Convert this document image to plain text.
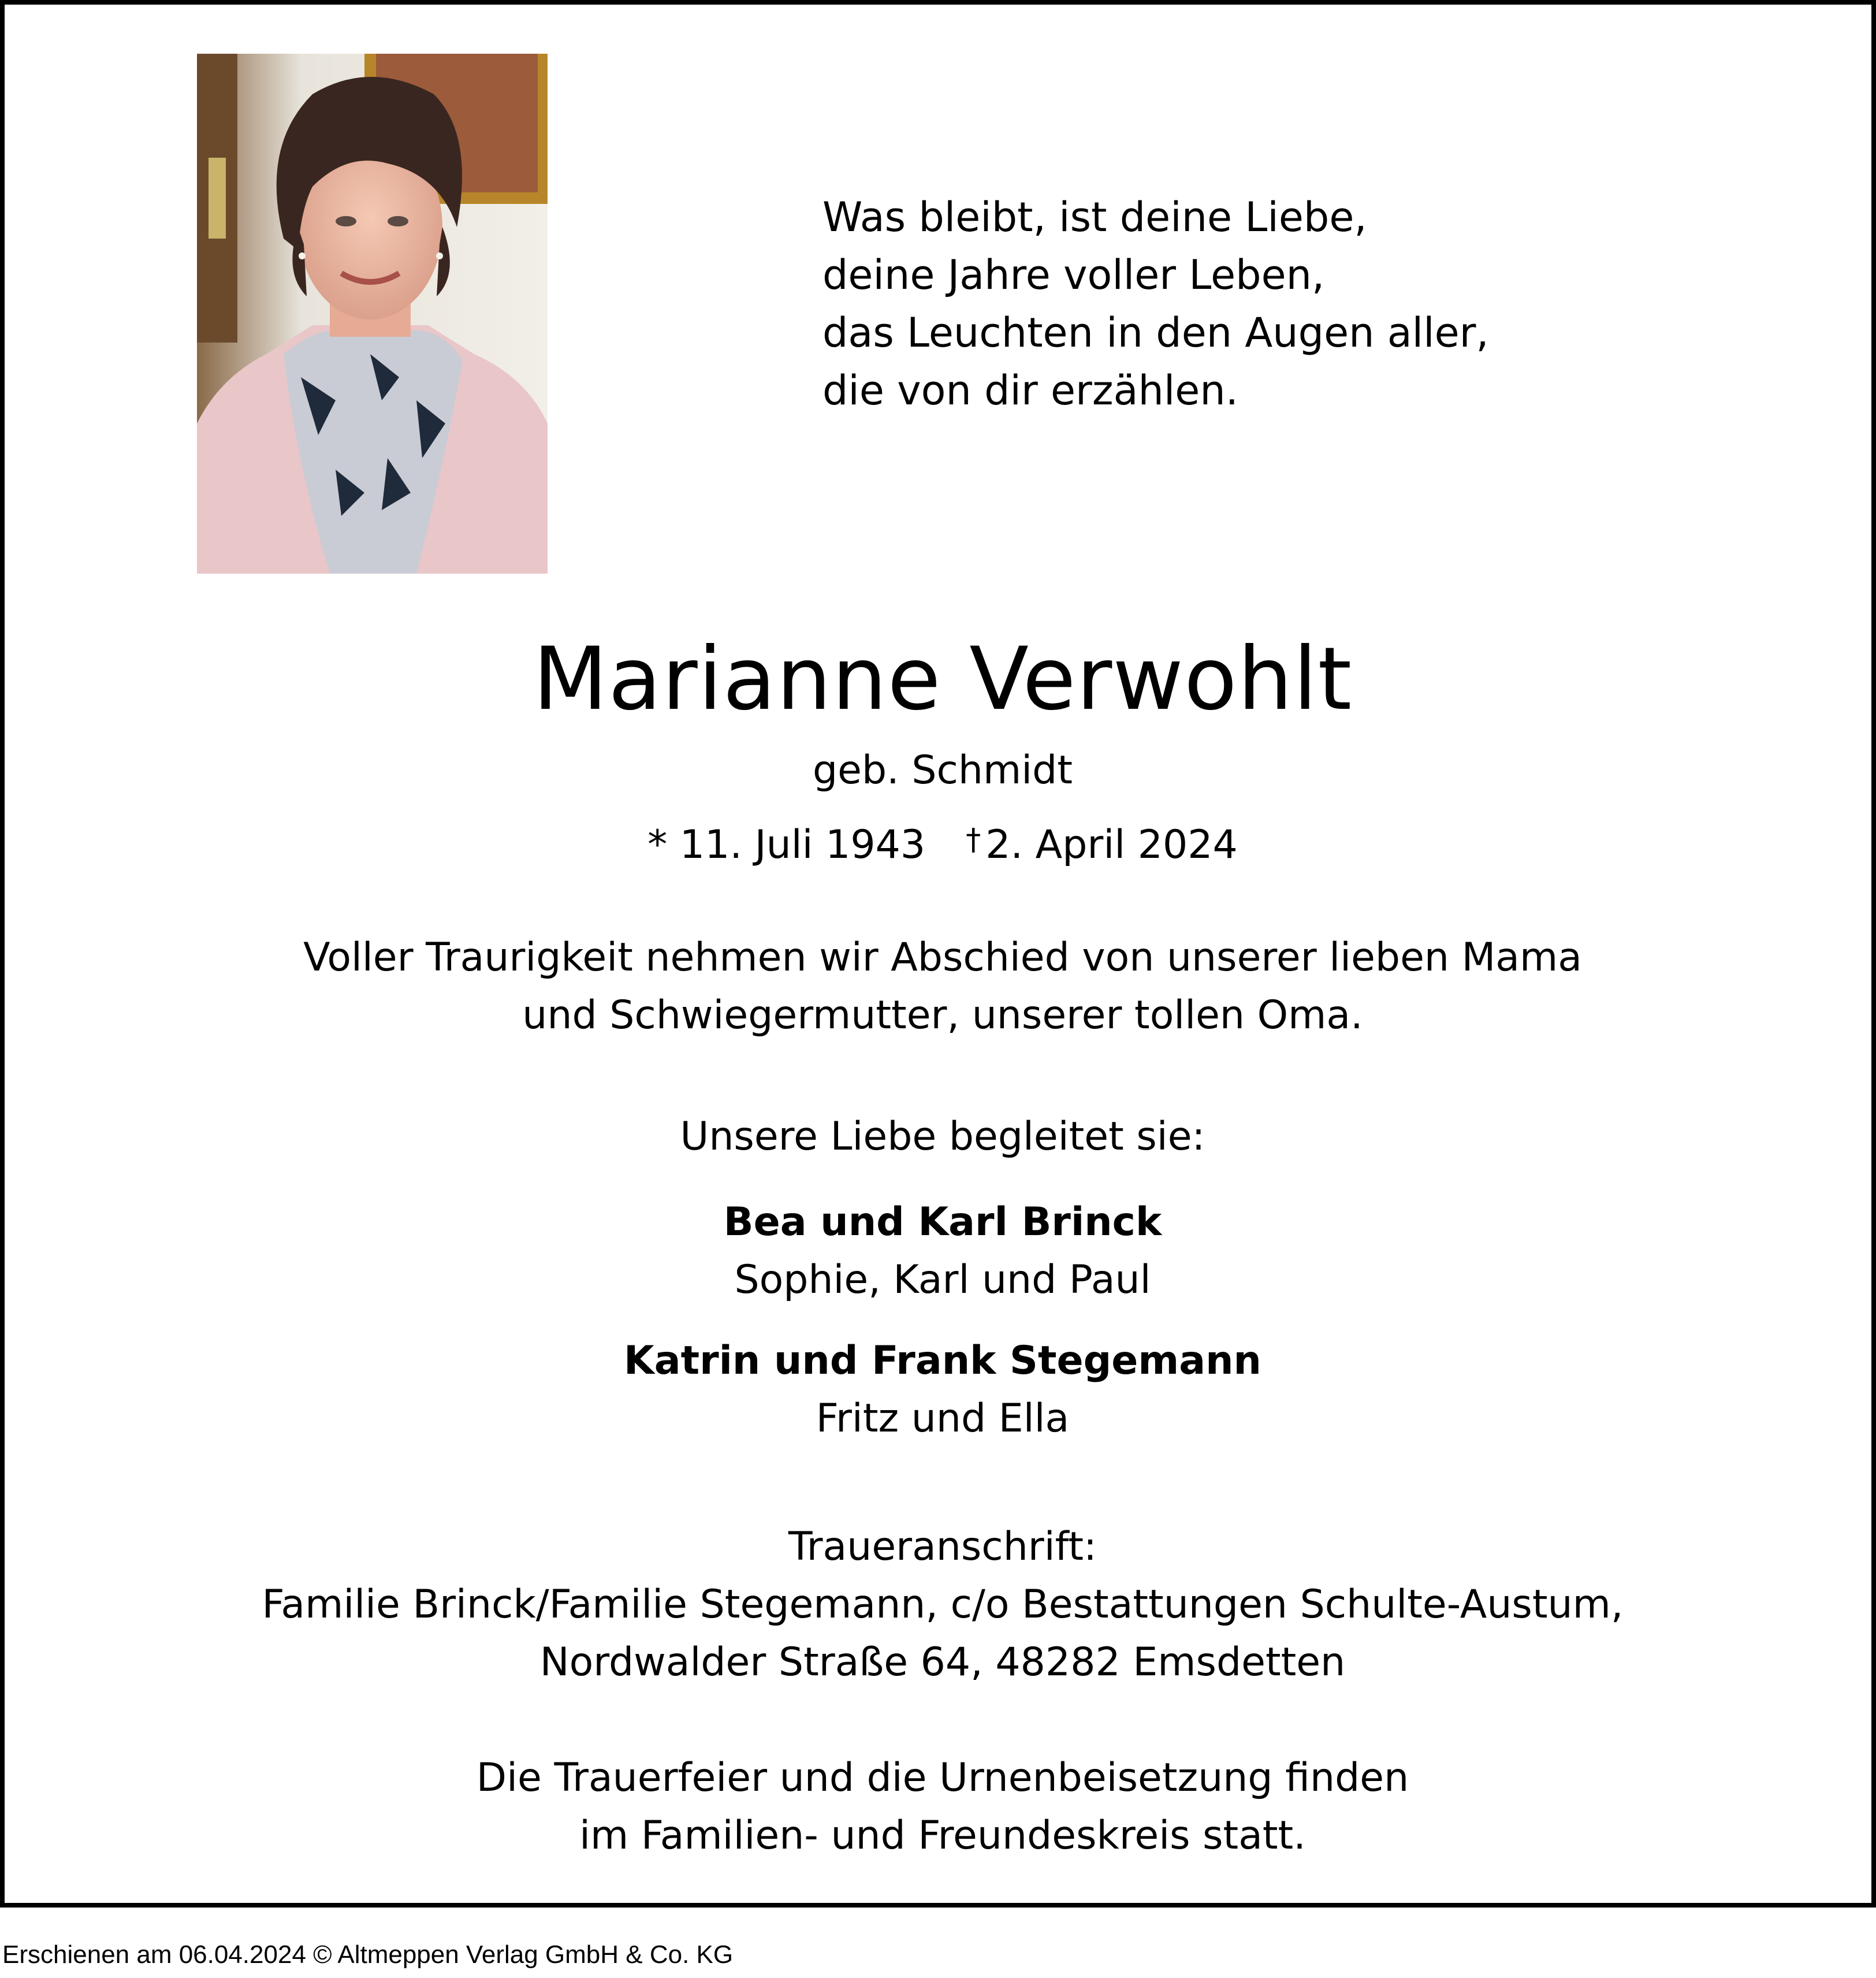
Was bleibt, ist deine Liebe,
deine Jahre voller Leben,
das Leuchten in den Augen aller,
die von dir erzählen.
Marianne Verwohlt
geb. Schmidt
* 11. Juli 1943 † 2. April 2024
Voller Traurigkeit nehmen wir Abschied von unserer lieben Mama
und Schwiegermutter, unserer tollen Oma.
Unsere Liebe begleitet sie:
Bea und Karl Brinck
Sophie, Karl und Paul
Katrin und Frank Stegemann
Fritz und Ella
Traueranschrift:
Familie Brinck/Familie Stegemann, c/o Bestattungen Schulte-Austum,
Nordwalder Straße 64, 48282 Emsdetten
Die Trauerfeier und die Urnenbeisetzung finden
im Familien- und Freundeskreis statt.
Erschienen am 06.04.2024 © Altmeppen Verlag GmbH & Co. KG
